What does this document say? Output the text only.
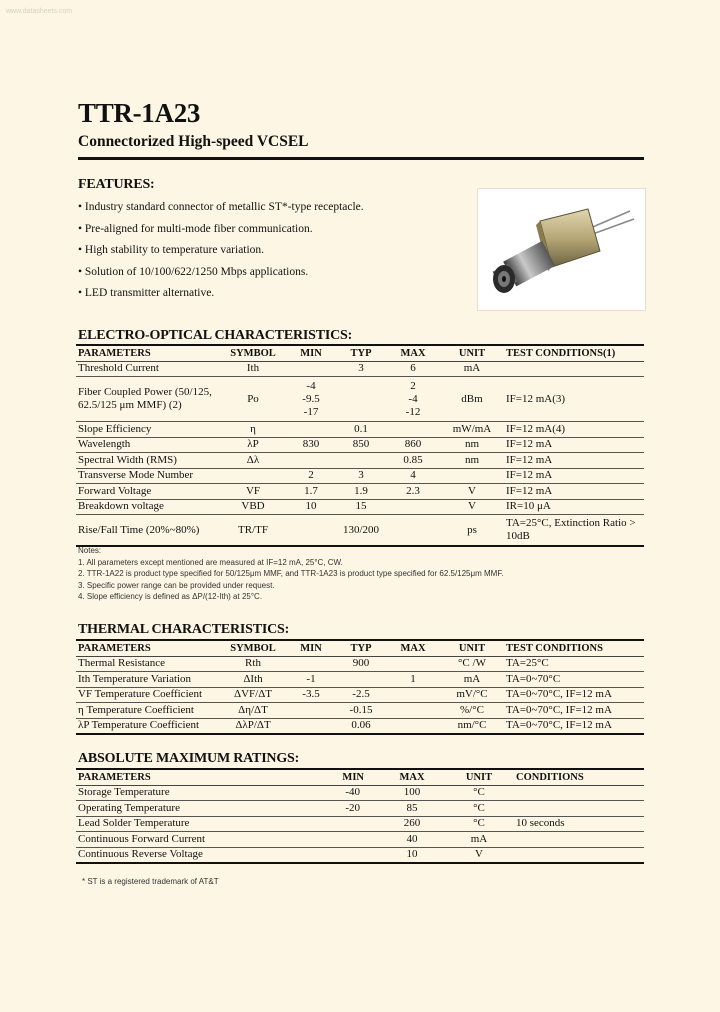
www.datasheets.com
TTR-1A23
Connectorized High-speed VCSEL
FEATURES:
• Industry standard connector of metallic ST*-type receptacle.
• Pre-aligned for multi-mode fiber communication.
• High stability to temperature variation.
• Solution of 10/100/622/1250 Mbps applications.
• LED transmitter alternative.
ELECTRO-OPTICAL CHARACTERISTICS:
PARAMETERS	SYMBOL	MIN	TYP	MAX	UNIT	TEST CONDITIONS(1)
Threshold Current	Ith		3	6	mA	
Fiber Coupled Power (50/125, 62.5/125 μm MMF) (2)	Po	-4
-9.5
-17		2
-4
-12	dBm	IF=12 mA(3)
Slope Efficiency	η		0.1		mW/mA	IF=12 mA(4)
Wavelength	λP	830	850	860	nm	IF=12 mA
Spectral Width (RMS)	Δλ			0.85	nm	IF=12 mA
Transverse Mode Number		2	3	4		IF=12 mA
Forward Voltage	VF	1.7	1.9	2.3	V	IF=12 mA
Breakdown voltage	VBD	10	15		V	IR=10 μA
Rise/Fall Time (20%~80%)	TR/TF		130/200		ps	TA=25°C, Extinction Ratio > 10dB
Notes:
1. All parameters except mentioned are measured at IF=12 mA, 25°C, CW.
2. TTR-1A22 is product type specified for 50/125μm MMF, and TTR-1A23 is product type specified for 62.5/125μm MMF.
3. Specific power range can be provided under request.
4. Slope efficiency is defined as ΔP/(12-Ith) at 25°C.
THERMAL CHARACTERISTICS:
PARAMETERS	SYMBOL	MIN	TYP	MAX	UNIT	TEST CONDITIONS
Thermal Resistance	Rth		900		°C /W	TA=25°C
Ith Temperature Variation	ΔIth	-1		1	mA	TA=0~70°C
VF Temperature Coefficient	ΔVF/ΔT	-3.5	-2.5		mV/°C	TA=0~70°C, IF=12 mA
η Temperature Coefficient	Δη/ΔT		-0.15		%/°C	TA=0~70°C, IF=12 mA
λP Temperature Coefficient	ΔλP/ΔT		0.06		nm/°C	TA=0~70°C, IF=12 mA
ABSOLUTE MAXIMUM RATINGS:
PARAMETERS	MIN	MAX	UNIT	CONDITIONS
Storage Temperature	-40	100	°C	
Operating Temperature	-20	85	°C	
Lead Solder Temperature		260	°C	10 seconds
Continuous Forward Current		40	mA	
Continuous Reverse Voltage		10	V	
* ST is a registered trademark of AT&T
